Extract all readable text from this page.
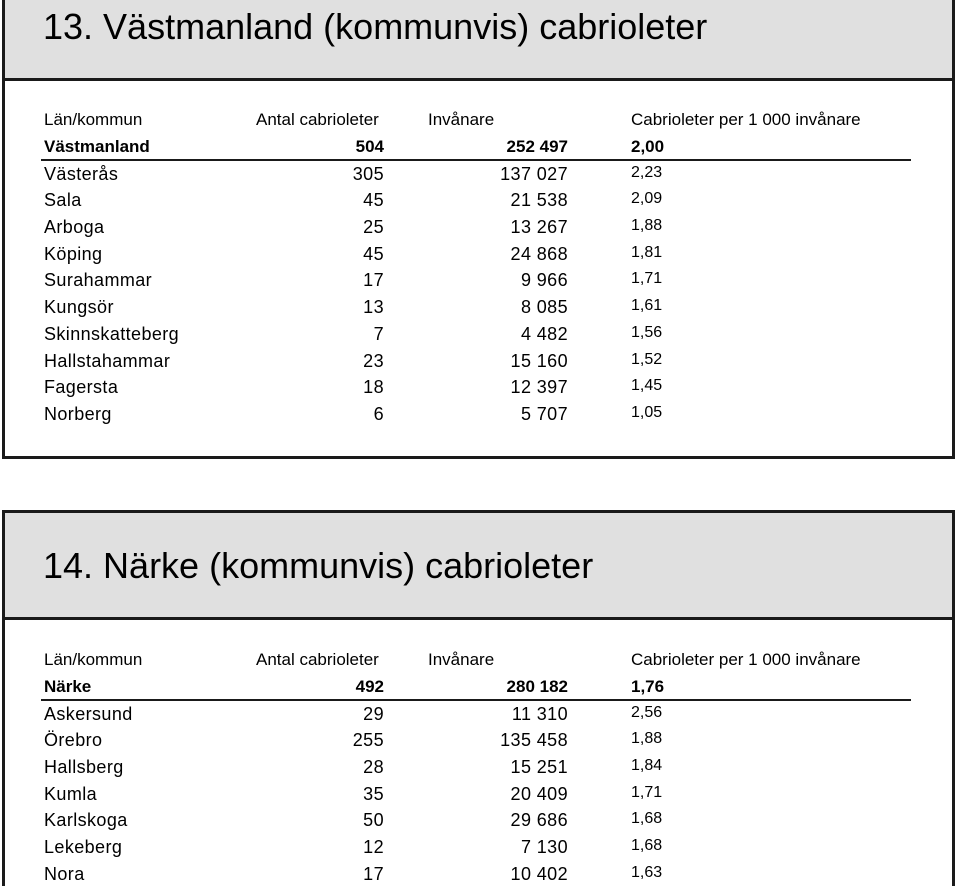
13. Västmanland (kommunvis) cabrioleter
Län/kommun	Antal cabrioleter	Invånare	Cabrioleter per 1 000 invånare
Västmanland	504	252 497	2,00
Västerås	305	137 027	2,23
Sala	45	21 538	2,09
Arboga	25	13 267	1,88
Köping	45	24 868	1,81
Surahammar	17	9 966	1,71
Kungsör	13	8 085	1,61
Skinnskatteberg	7	4 482	1,56
Hallstahammar	23	15 160	1,52
Fagersta	18	12 397	1,45
Norberg	6	5 707	1,05
14. Närke (kommunvis) cabrioleter
Län/kommun	Antal cabrioleter	Invånare	Cabrioleter per 1 000 invånare
Närke	492	280 182	1,76
Askersund	29	11 310	2,56
Örebro	255	135 458	1,88
Hallsberg	28	15 251	1,84
Kumla	35	20 409	1,71
Karlskoga	50	29 686	1,68
Lekeberg	12	7 130	1,68
Nora	17	10 402	1,63
